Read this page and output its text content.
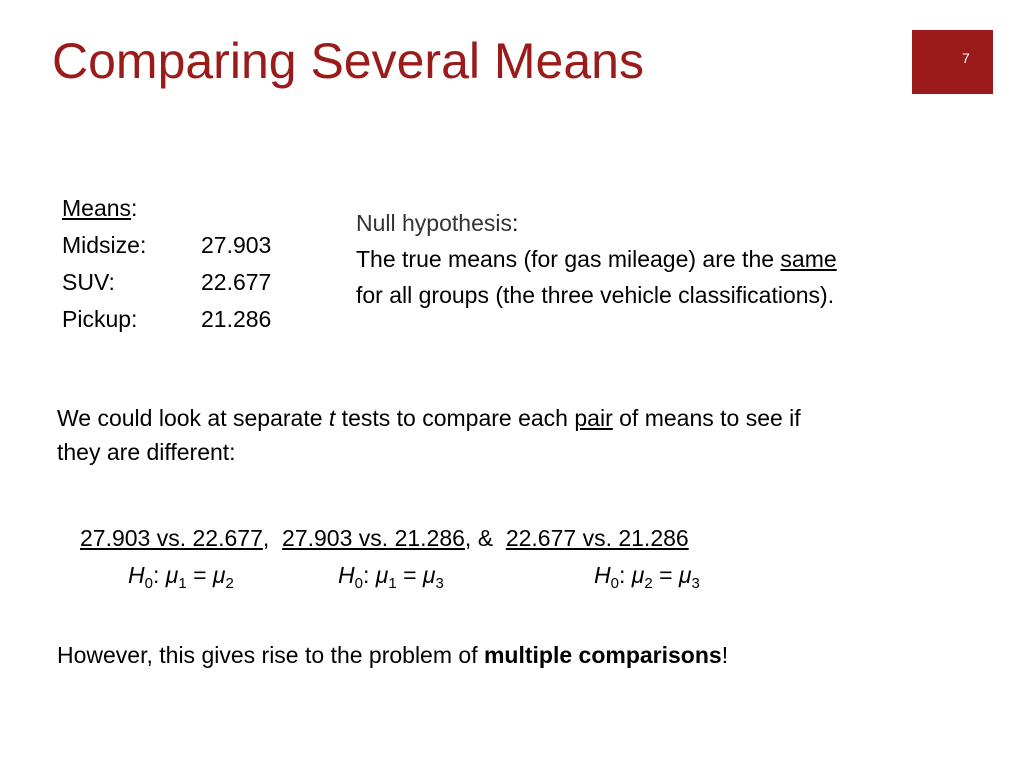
Comparing Several Means	7
Means:
Midsize:	27.903
SUV:	22.677
Pickup:	21.286
Null hypothesis:
The true means (for gas mileage) are the same
for all groups (the three vehicle classifications).
We could look at separate t tests to compare each pair of means to see if
they are different:
27.903 vs. 22.677,  27.903 vs. 21.286, &  22.677 vs. 21.286
$H_0$: $\mu_1 = \mu_2$	$H_0$: $\mu_1 = \mu_3$	$H_0$: $\mu_2 = \mu_3$
However, this gives rise to the problem of multiple comparisons!
